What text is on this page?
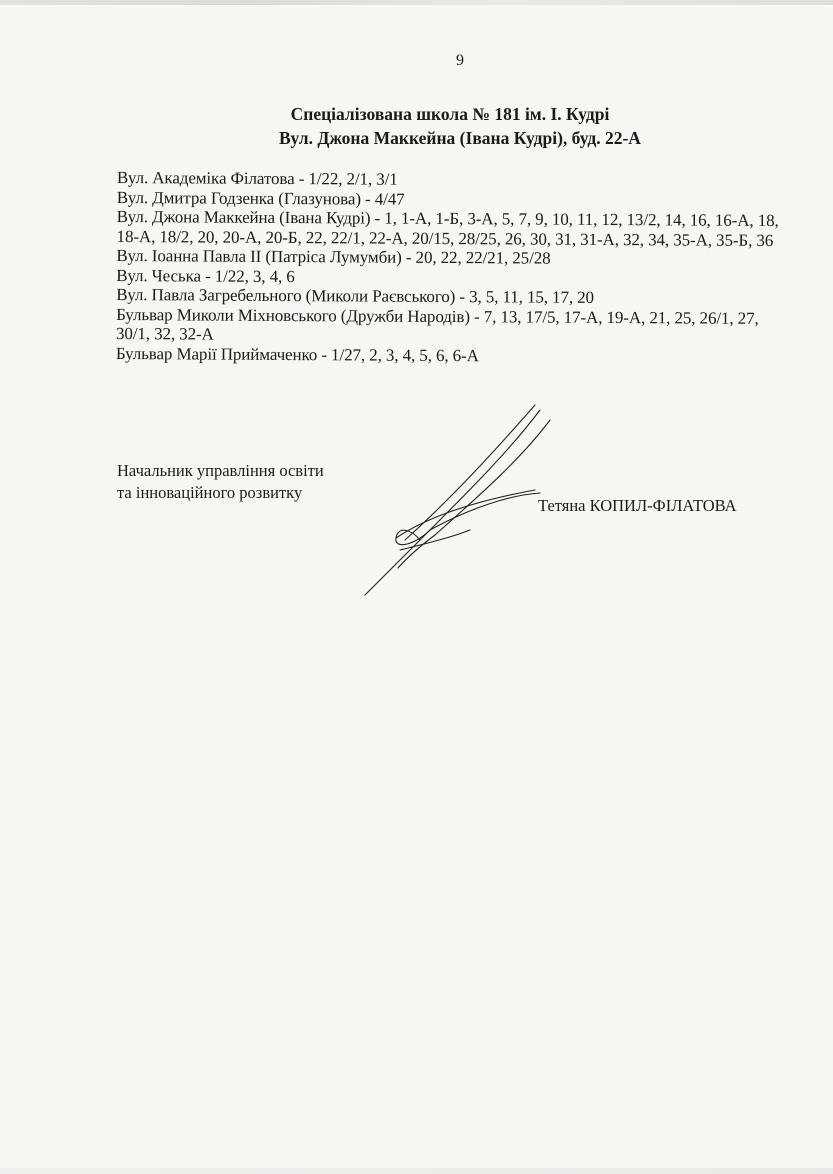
9
Спеціалізована школа № 181 ім. І. Кудрі
Вул. Джона Маккейна (Івана Кудрі), буд. 22-А

Вул. Академіка Філатова - 1/22, 2/1, 3/1

Вул. Дмитра Годзенка (Глазунова) - 4/47

Вул. Джона Маккейна (Івана Кудрі) - 1, 1-А, 1-Б, 3-А, 5, 7, 9, 10, 11, 12, 13/2, 14, 16, 16-А, 18, 18-А, 18/2, 20, 20-А, 20-Б, 22, 22/1, 22-А, 20/15, 28/25, 26, 30, 31, 31-А, 32, 34, 35-А, 35-Б, 36

Вул. Іоанна Павла ІІ (Патріса Лумумби) - 20, 22, 22/21, 25/28

Вул. Чеська - 1/22, 3, 4, 6

Вул. Павла Загребельного (Миколи Раєвського) - 3, 5, 11, 15, 17, 20

Бульвар Миколи Міхновського (Дружби Народів) - 7, 13, 17/5, 17-А, 19-А, 21, 25, 26/1, 27, 30/1, 32, 32-А

Бульвар Марії Приймаченко - 1/27, 2, 3, 4, 5, 6, 6-А

Начальник управління освіти
та інноваційного розвитку
Тетяна КОПИЛ-ФІЛАТОВА
